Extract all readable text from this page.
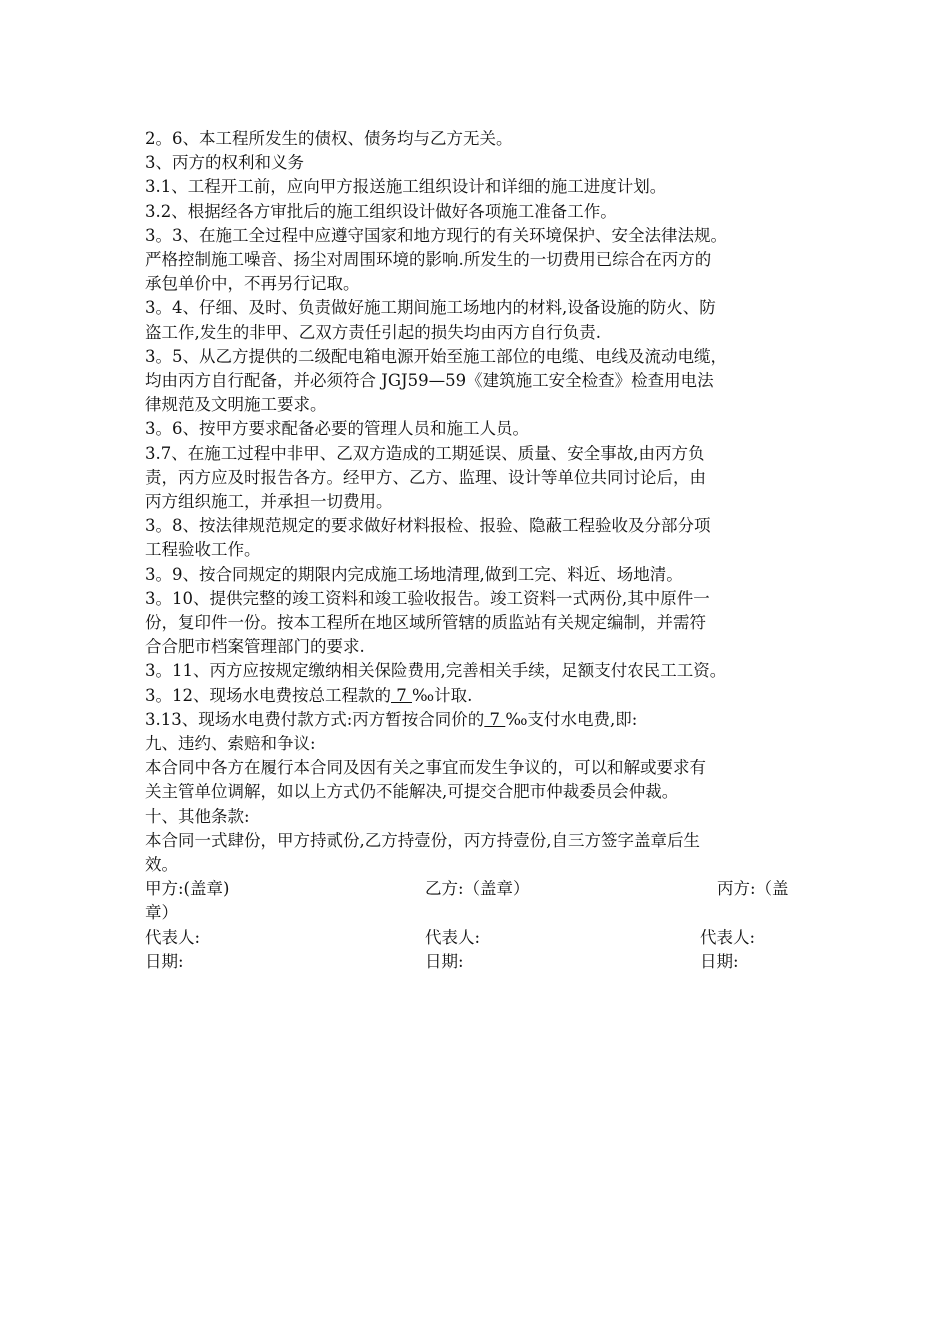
2。6、本工程所发生的债权、债务均与乙方无关。

3、丙方的权利和义务

3.1、工程开工前，应向甲方报送施工组织设计和详细的施工进度计划。

3.2、根据经各方审批后的施工组织设计做好各项施工准备工作。

3。3、在施工全过程中应遵守国家和地方现行的有关环境保护、安全法律法规。

严格控制施工噪音、扬尘对周围环境的影响.所发生的一切费用已综合在丙方的

承包单价中，不再另行记取。

3。4、仔细、及时、负责做好施工期间施工场地内的材料,设备设施的防火、防

盗工作,发生的非甲、乙双方责任引起的损失均由丙方自行负责.

3。5、从乙方提供的二级配电箱电源开始至施工部位的电缆、电线及流动电缆，

均由丙方自行配备，并必须符合 JGJ59—59《建筑施工安全检查》检查用电法

律规范及文明施工要求。

3。6、按甲方要求配备必要的管理人员和施工人员。

3.7、在施工过程中非甲、乙双方造成的工期延误、质量、安全事故,由丙方负

责，丙方应及时报告各方。经甲方、乙方、监理、设计等单位共同讨论后，由

丙方组织施工，并承担一切费用。

3。8、按法律规范规定的要求做好材料报检、报验、隐蔽工程验收及分部分项

工程验收工作。

3。9、按合同规定的期限内完成施工场地清理,做到工完、料近、场地清。

3。10、提供完整的竣工资料和竣工验收报告。竣工资料一式两份,其中原件一

份，复印件一份。按本工程所在地区域所管辖的质监站有关规定编制，并需符

合合肥市档案管理部门的要求.

3。11、丙方应按规定缴纳相关保险费用,完善相关手续，足额支付农民工工资。

3。12、现场水电费按总工程款的 7 ‰计取.

3.13、现场水电费付款方式:丙方暂按合同价的 7 ‰支付水电费,即:

九、违约、索赔和争议:

本合同中各方在履行本合同及因有关之事宜而发生争议的，可以和解或要求有

关主管单位调解，如以上方式仍不能解决,可提交合肥市仲裁委员会仲裁。

十、其他条款:

本合同一式肆份，甲方持贰份,乙方持壹份，丙方持壹份,自三方签字盖章后生

效。

甲方:(盖章)	乙方:（盖章）	丙方:（盖

章）

代表人:	代表人:	代表人:
日期:	日期:	日期:
